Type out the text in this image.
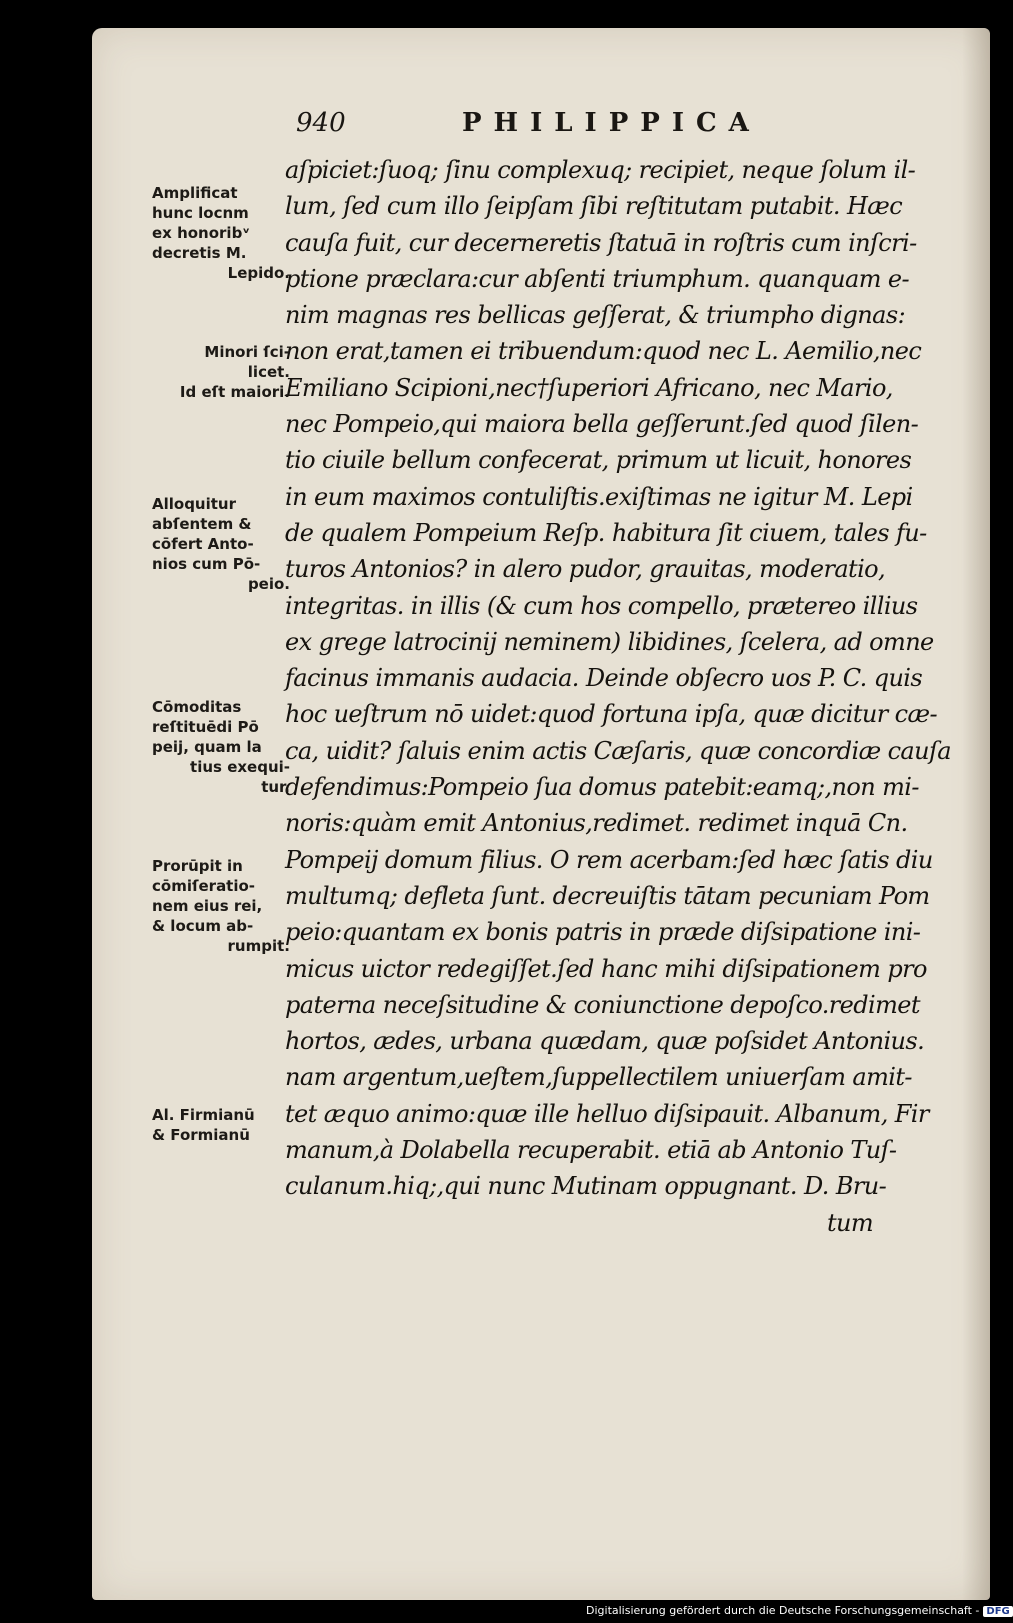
940	PHILIPPICA
aſpiciet:ſuoq; ſinu complexuq; recipiet, neque ſolum il-
lum, ſed cum illo ſeipſam ſibi reſtitutam putabit. Hæc
cauſa fuit, cur decerneretis ſtatuā in roſtris cum inſcri-
ptione præclara:cur abſenti triumphum. quanquam e-
nim magnas res bellicas geſſerat, & triumpho dignas:
non erat,tamen ei tribuendum:quod nec L. Aemilio,nec
Emiliano Scipioni,nec†ſuperiori Africano, nec Mario,
nec Pompeio,qui maiora bella geſſerunt.ſed quod ſilen-
tio ciuile bellum confecerat, primum ut licuit, honores
in eum maximos contuliſtis.exiſtimas ne igitur M. Lepi
de qualem Pompeium Reſp. habitura ſit ciuem, tales fu-
turos Antonios? in alero pudor, grauitas, moderatio,
integritas. in illis (& cum hos compello, prætereo illius
ex grege latrocinij neminem) libidines, ſcelera, ad omne
facinus immanis audacia. Deinde obſecro uos P. C. quis
hoc ueſtrum nō uidet:quod fortuna ipſa, quæ dicitur cæ-
ca, uidit? ſaluis enim actis Cæſaris, quæ concordiæ cauſa
defendimus:Pompeio ſua domus patebit:eamq;,non mi-
noris:quàm emit Antonius,redimet. redimet inquā Cn.
Pompeij domum filius. O rem acerbam:ſed hæc ſatis diu
multumq; defleta ſunt. decreuiſtis tātam pecuniam Pom
peio:quantam ex bonis patris in præde diſsipatione ini-
micus uictor redegiſſet.ſed hanc mihi diſsipationem pro
paterna neceſsitudine & coniunctione depoſco.redimet
hortos, ædes, urbana quædam, quæ poſsidet Antonius.
nam argentum,ueſtem,ſuppellectilem uniuerſam amit-
tet æquo animo:quæ ille helluo diſsipauit. Albanum, Fir
manum,à Dolabella recuperabit. etiā ab Antonio Tuſ-
culanum.hiq;,qui nunc Mutinam oppugnant. D. Bru-
tum
Amplificat
hunc locnm
ex honoribᵛ
decretis M.
Lepido.
Minori ſci-
licet.
Id eſt maiori.
Alloquitur
abſentem &
cōfert Anto-
nios cum Pō-
peio.
Cōmoditas
reſtituēdi Pō
peij, quam la
tius exequi-
tur.
Prorūpit in
cōmiſeratio-
nem eius rei,
& locum ab-
rumpit.
Al. Firmianū
& Formianū
Digitalisierung gefördert durch die Deutsche Forschungsgemeinschaft - DFG
